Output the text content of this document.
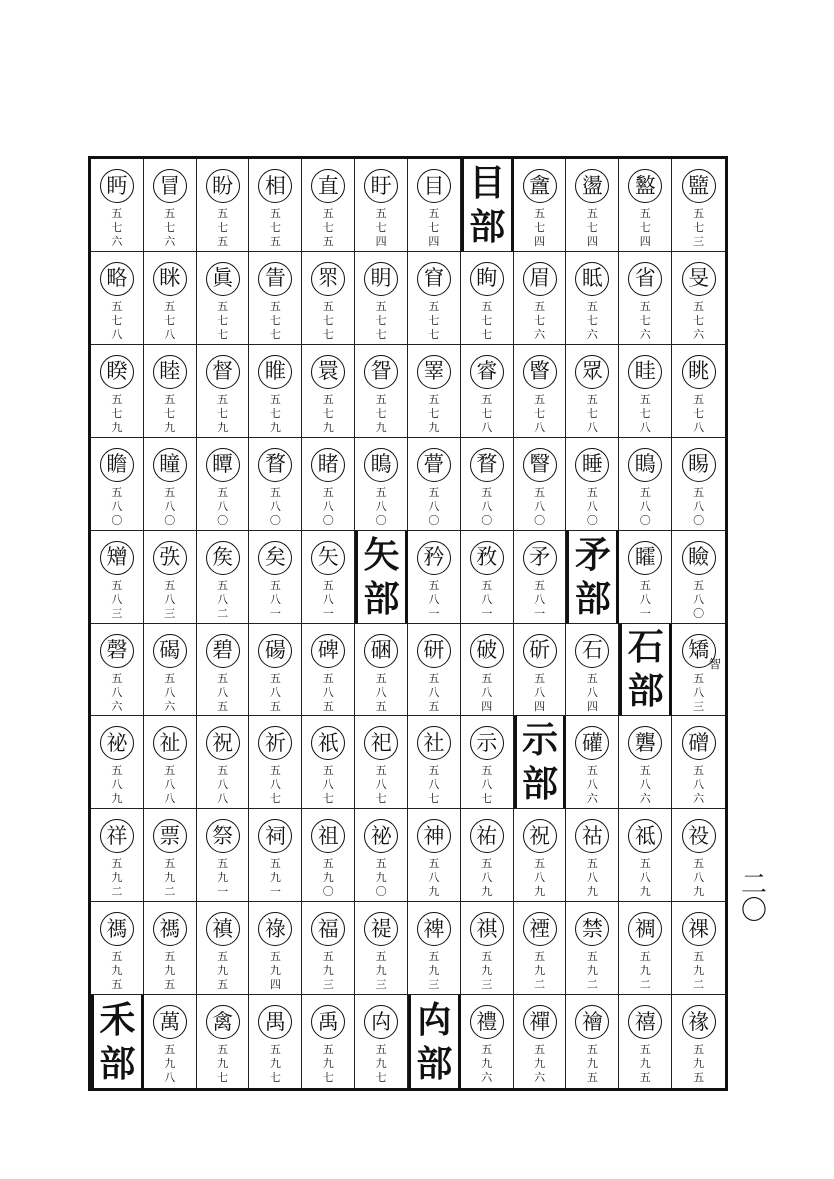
盬
五七三
盭
五七四
盪
五七四
盦
五七四
目部
目
五七四
盱
五七四
直
五七五
相
五七五
盼
五七五
冒
五七六
眄
五七六
旻
五七六
省
五七六
眡
五七六
眉
五七六
眴
五七七
窅
五七七
眀
五七七
眔
五七七
眚
五七七
眞
五七七
眯
五七八
略
五七八
眺
五七八
眭
五七八
眾
五七八
睯
五七八
睿
五七八
睪
五七九
眢
五七九
睘
五七九
睢
五七九
督
五七九
睦
五七九
睽
五七九
睗
五八〇
瞗
五八〇
睡
五八〇
瞖
五八〇
瞀
五八〇
瞢
五八〇
瞗
五八〇
睹
五八〇
瞀
五八〇
瞫
五八〇
瞳
五八〇
瞻
五八〇
瞼
五八〇
矐
五八一
矛部
矛
五八一
敄
五八一
矜
五八一
矢部
矢
五八一
矣
五八一
矦
五八二
矤
五八三
矰
五八三
矯
智
五八三
石部
石
五八四
斫
五八四
破
五八四
研
五八五
硱
五八五
碑
五八五
碭
五八五
碧
五八五
碣
五八六
磬
五八六
磳
五八六
礱
五八六
礶
五八六
示部
示
五八七
社
五八七
祀
五八七
祇
五八七
祈
五八七
祝
五八八
祉
五八八
祕
五八九
祋
五八九
祗
五八九
祜
五八九
祝
五八九
祐
五八九
神
五八九
祕
五九〇
祖
五九〇
祠
五九一
祭
五九一
票
五九二
祥
五九二
祼
五九二
禂
五九二
禁
五九二
禋
五九二
祺
五九三
禆
五九三
禔
五九三
福
五九三
祿
五九四
禛
五九五
禡
五九五
禡
五九五
禒
五九五
禧
五九五
禬
五九五
禪
五九六
禮
五九六
禸部
禸
五九七
禹
五九七
禺
五九七
禽
五九七
萬
五九八
禾部
二〇
